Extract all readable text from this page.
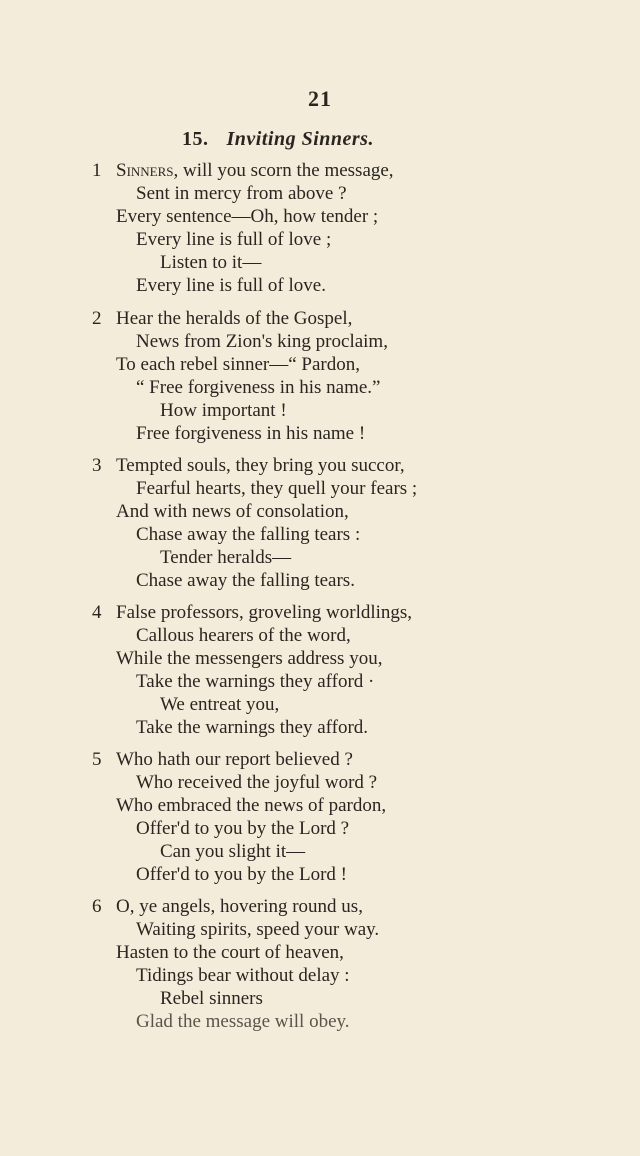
21
15. Inviting Sinners.
1 Sinners, will you scorn the message,
Sent in mercy from above ?
Every sentence—Oh, how tender ;
Every line is full of love ;
Listen to it—
Every line is full of love.
2 Hear the heralds of the Gospel,
News from Zion's king proclaim,
To each rebel sinner—“ Pardon,
“ Free forgiveness in his name.”
How important !
Free forgiveness in his name !
3 Tempted souls, they bring you succor,
Fearful hearts, they quell your fears ;
And with news of consolation,
Chase away the falling tears :
Tender heralds—
Chase away the falling tears.
4 False professors, groveling worldlings,
Callous hearers of the word,
While the messengers address you,
Take the warnings they afford ·
We entreat you,
Take the warnings they afford.
5 Who hath our report believed ?
Who received the joyful word ?
Who embraced the news of pardon,
Offer'd to you by the Lord ?
Can you slight it—
Offer'd to you by the Lord !
6 O, ye angels, hovering round us,
Waiting spirits, speed your way.
Hasten to the court of heaven,
Tidings bear without delay :
Rebel sinners
Glad the message will obey.
